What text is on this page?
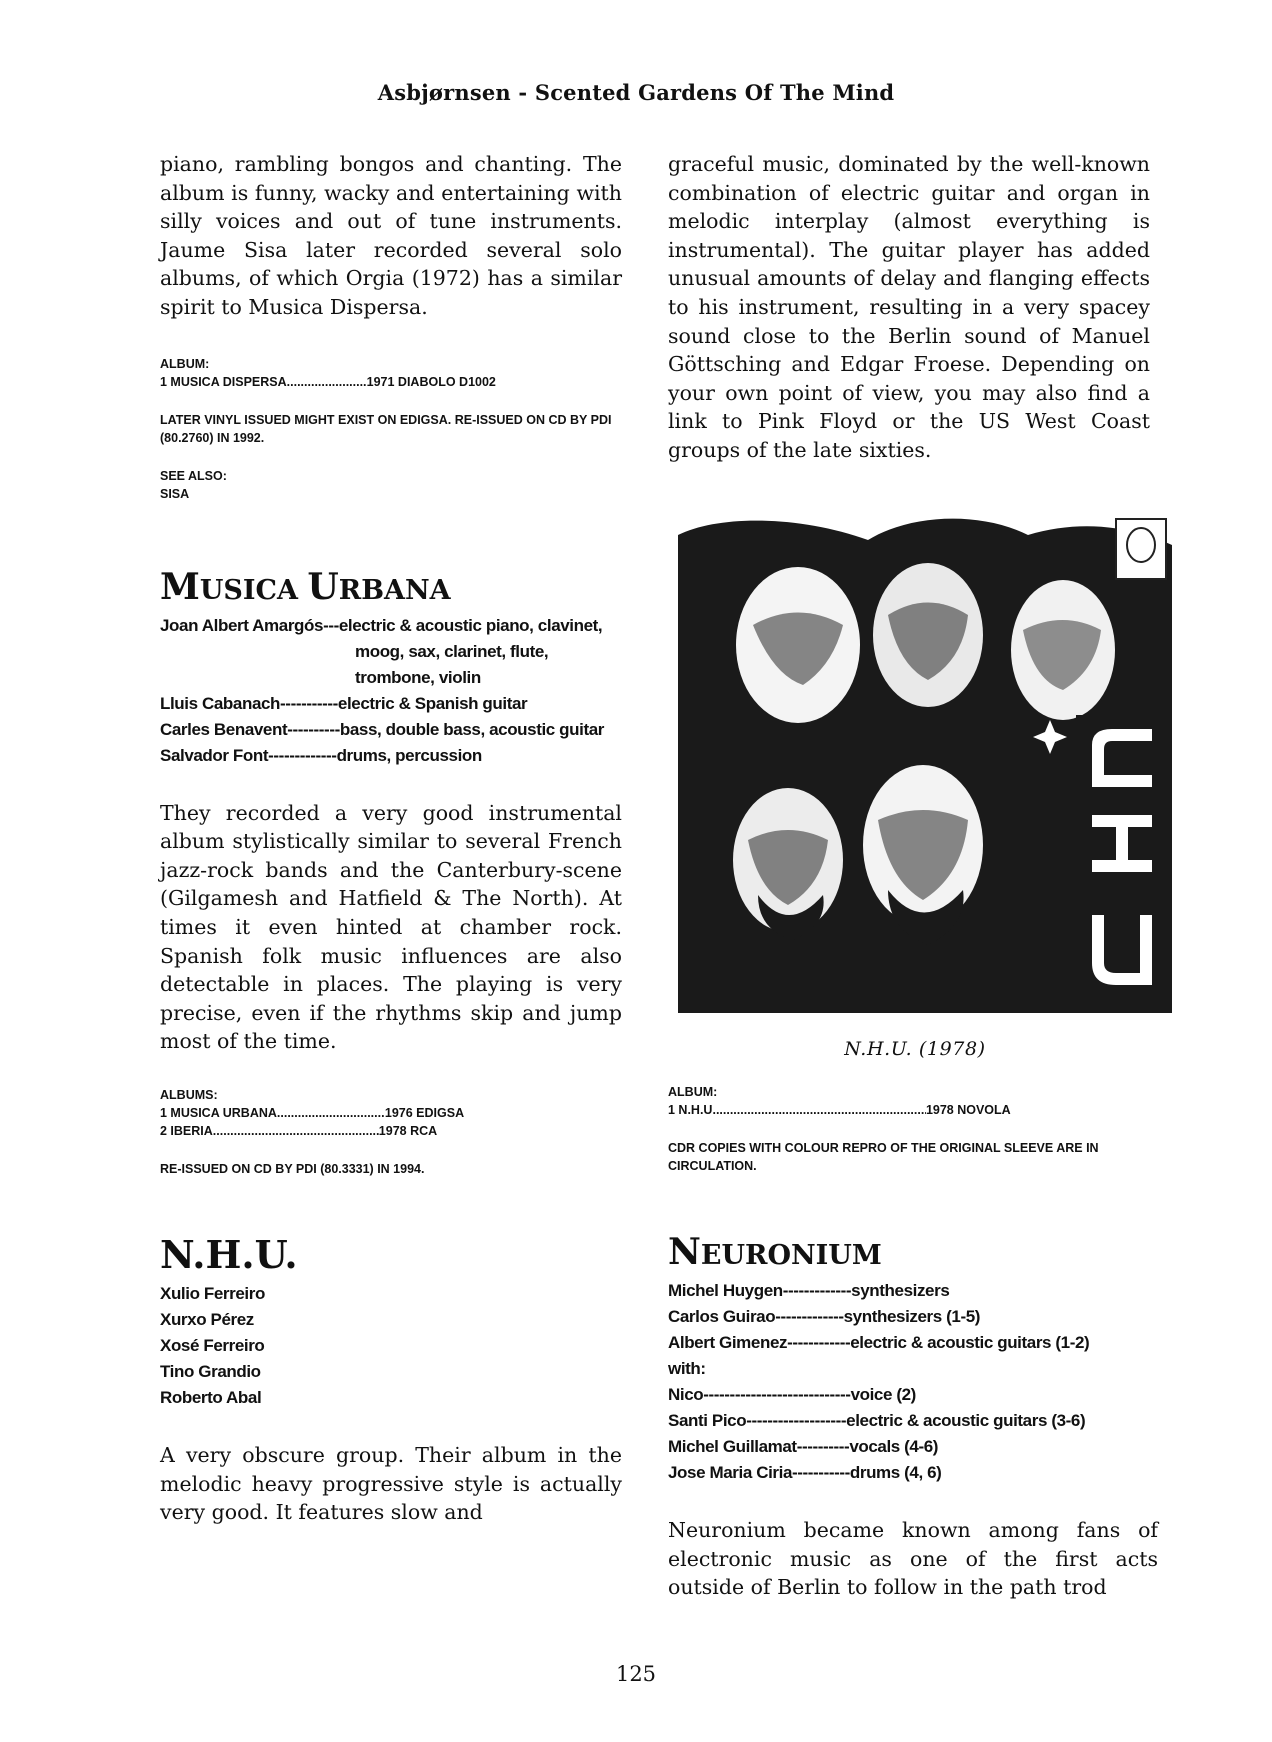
Asbjørnsen - Scented Gardens Of The Mind

piano, rambling bongos and chanting. The album is funny, wacky and entertaining with silly voices and out of tune instruments. Jaume Sisa later recorded several solo albums, of which Orgia (1972) has a similar spirit to Musica Dispersa.

ALBUM:

1 MUSICA DISPERSA .....	1971 DIABOLO D1002

LATER VINYL ISSUED MIGHT EXIST ON EDIGSA. RE-ISSUED ON CD BY PDI (80.2760) IN 1992.

SEE ALSO:

SISA

MUSICA URBANA
Joan Albert Amargós --- electric & acoustic piano, clavinet,
moog, sax, clarinet, flute,
trombone, violin
Lluis Cabanach ----------- electric & Spanish guitar
Carles Benavent ---------- bass, double bass, acoustic guitar
Salvador Font ------------- drums, percussion

They recorded a very good instrumental album stylistically similar to several French jazz-rock bands and the Canterbury-scene (Gilgamesh and Hatfield & The North). At times it even hinted at chamber rock. Spanish folk music influences are also detectable in places. The playing is very precise, even if the rhythms skip and jump most of the time.

ALBUMS:

1 MUSICA URBANA .....	1976 EDIGSA
2 IBERIA .....	1978 RCA

RE-ISSUED ON CD BY PDI (80.3331) IN 1994.

N.H.U.
Xulio Ferreiro
Xurxo Pérez
Xosé Ferreiro
Tino Grandio
Roberto Abal

A very obscure group. Their album in the melodic heavy progressive style is actually very good. It features slow and

graceful music, dominated by the well-known combination of electric guitar and organ in melodic interplay (almost everything is instrumental). The guitar player has added unusual amounts of delay and flanging effects to his instrument, resulting in a very spacey sound close to the Berlin sound of Manuel Göttsching and Edgar Froese. Depending on your own point of view, you may also find a link to Pink Floyd or the US West Coast groups of the late sixties.

N.H.U. (1978)

ALBUM:

1 N.H.U. .....	1978 NOVOLA

CDR COPIES WITH COLOUR REPRO OF THE ORIGINAL SLEEVE ARE IN CIRCULATION.

NEURONIUM
Michel Huygen ------------- synthesizers
Carlos Guirao ------------- synthesizers (1-5)
Albert Gimenez ------------ electric & acoustic guitars (1-2)
with:
Nico ---------------------------- voice (2)
Santi Pico ------------------- electric & acoustic guitars (3-6)
Michel Guillamat ---------- vocals (4-6)
Jose Maria Ciria ----------- drums (4, 6)

Neuronium became known among fans of electronic music as one of the first acts outside of Berlin to follow in the path trod

125
